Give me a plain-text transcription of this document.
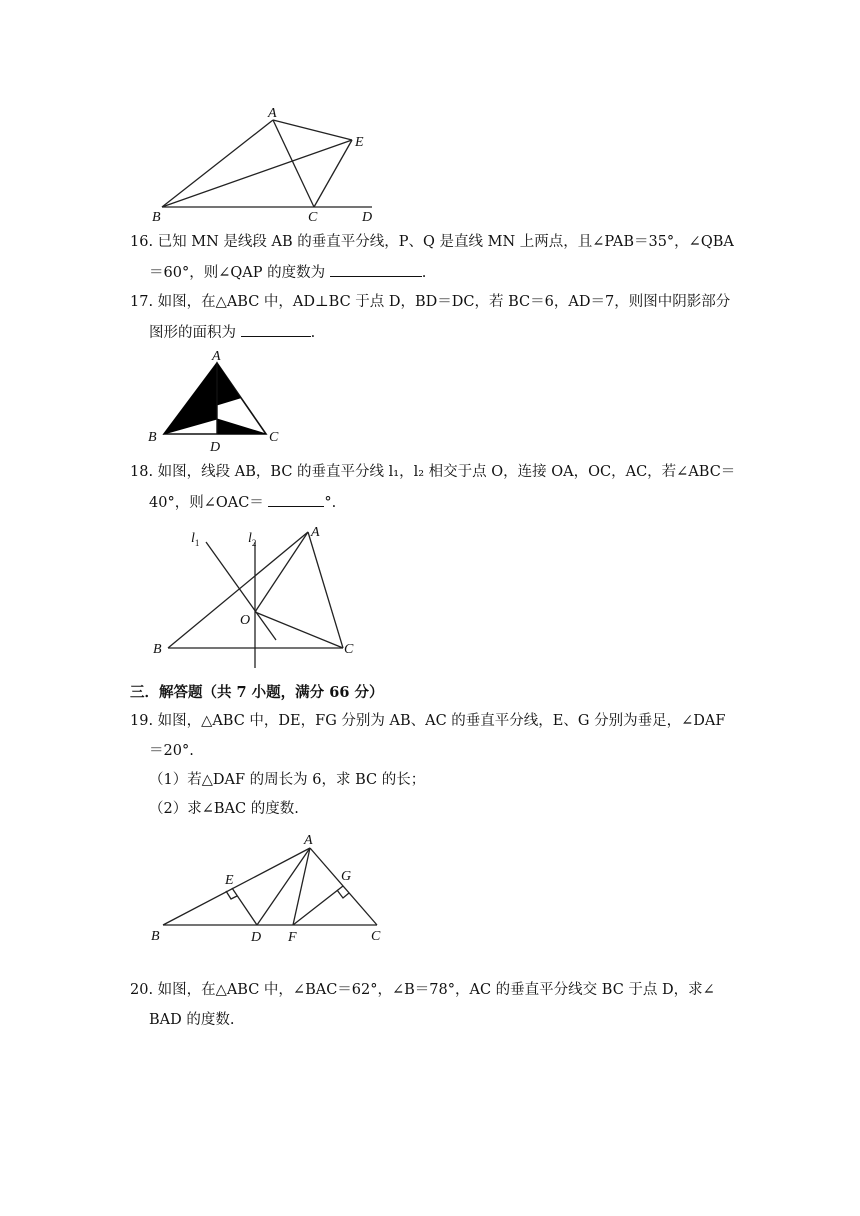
A
B	C	D
E
16. 已知 MN 是线段 AB 的垂直平分线，P、Q 是直线 MN 上两点，且∠PAB＝35°，∠QBA
＝60°，则∠QAP 的度数为	.
17. 如图，在△ABC 中，AD⊥BC 于点 D，BD＝DC，若 BC＝6，AD＝7，则图中阴影部分
图形的面积为	.
A
B	C
D
18. 如图，线段 AB，BC 的垂直平分线 l₁，l₂ 相交于点 O，连接 OA，OC，AC，若∠ABC＝
40°，则∠OAC＝	°.
$l_1$	$l_2$
A
B	C
O
三．解答题（共 7 小题，满分 66 分）
19. 如图，△ABC 中，DE，FG 分别为 AB、AC 的垂直平分线，E、G 分别为垂足，∠DAF
＝20°.
（1）若△DAF 的周长为 6，求 BC 的长；
（2）求∠BAC 的度数.
A
B	C
D
E
F
G
20. 如图，在△ABC 中，∠BAC＝62°，∠B＝78°，AC 的垂直平分线交 BC 于点 D，求∠
BAD 的度数.
